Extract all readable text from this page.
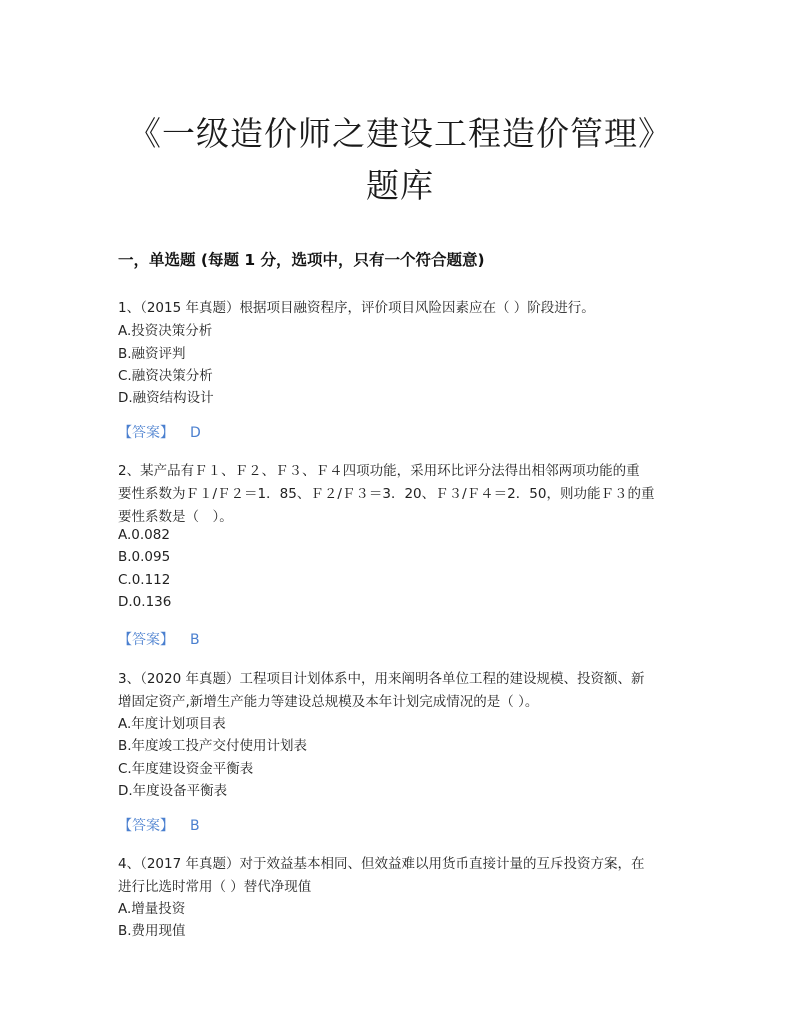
《一级造价师之建设工程造价管理》
题库
一，单选题 (每题 1 分，选项中，只有一个符合题意)
1、（2015 年真题）根据项目融资程序，评价项目风险因素应在（ ）阶段进行。
A.投资决策分析
B.融资评判
C.融资决策分析
D.融资结构设计
【答案】 D
2、某产品有Ｆ１、Ｆ２、Ｆ３、Ｆ４四项功能，采用环比评分法得出相邻两项功能的重
要性系数为Ｆ１/Ｆ２＝1．85、Ｆ２/Ｆ３＝3．20、Ｆ３/Ｆ４＝2．50，则功能Ｆ３的重
要性系数是（　）。
A.0.082
B.0.095
C.0.112
D.0.136
【答案】 B
3、（2020 年真题）工程项目计划体系中，用来阐明各单位工程的建设规模、投资额、新
增固定资产,新增生产能力等建设总规模及本年计划完成情况的是（ ）。
A.年度计划项目表
B.年度竣工投产交付使用计划表
C.年度建设资金平衡表
D.年度设备平衡表
【答案】 B
4、（2017 年真题）对于效益基本相同、但效益难以用货币直接计量的互斥投资方案，在
进行比选时常用（ ）替代净现值
A.增量投资
B.费用现值
